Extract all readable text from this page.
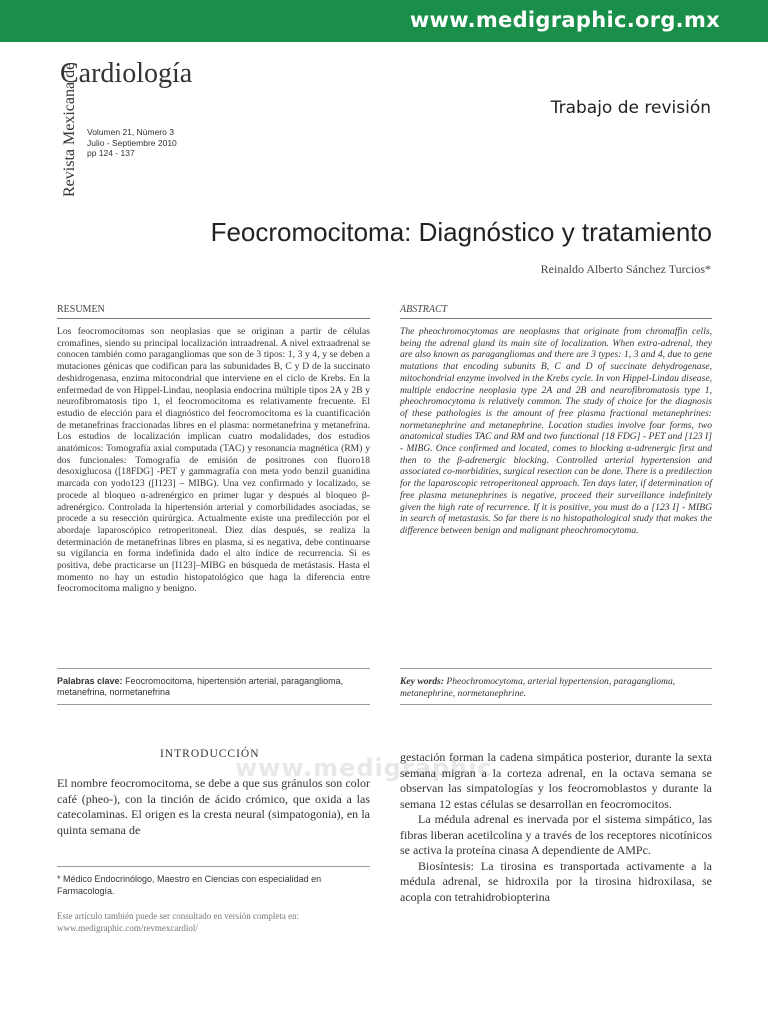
www.medigraphic.org.mx
Revista Mexicana de
Cardiología
Volumen 21, Número 3
Julio - Septiembre 2010
pp 124 - 137
Trabajo de revisión
Feocromocitoma: Diagnóstico y tratamiento
Reinaldo Alberto Sánchez Turcios*
RESUMEN	ABSTRACT
Los feocromocitomas son neoplasias que se originan a partir de células cromafines, siendo su principal localización intraadrenal. A nivel extraadrenal se conocen también como paragangliomas que son de 3 tipos: 1, 3 y 4, y se deben a mutaciones génicas que codifican para las subunidades B, C y D de la succinato deshidrogenasa, enzima mitocondrial que interviene en el ciclo de Krebs. En la enfermedad de von Hippel-Lindau, neoplasia endocrina múltiple tipos 2A y 2B y neurofibromatosis tipo 1, el feocromocitoma es relativamente frecuente. El estudio de elección para el diagnóstico del feocromocitoma es la cuantificación de metanefrinas fraccionadas libres en el plasma: normetanefrina y metanefrina. Los estudios de localización implican cuatro modalidades, dos estudios anatómicos: Tomografía axial computada (TAC) y resonancia magnética (RM) y dos funcionales: Tomografía de emisión de positrones con fluoro18 desoxiglucosa ([18FDG] -PET y gammagrafía con meta yodo benzil guanidina marcada con yodo123 ([I123] – MIBG). Una vez confirmado y localizado, se procede al bloqueo α-adrenérgico en primer lugar y después al bloqueo β-adrenérgico. Controlada la hipertensión arterial y comorbilidades asociadas, se procede a su resección quirúrgica. Actualmente existe una predilección por el abordaje laparoscópico retroperitoneal. Diez días después, se realiza la determinación de metanefrinas libres en plasma, si es negativa, debe continuarse su vigilancia en forma indefinida dado el alto índice de recurrencia. Si es positiva, debe practicarse un [I123]–MIBG en búsqueda de metástasis. Hasta el momento no hay un estudio histopatológico que haga la diferencia entre feocromocitoma maligno y benigno.
The pheochromocytomas are neoplasms that originate from chromaffin cells, being the adrenal gland its main site of localization. When extra-adrenal, they are also known as paragangliomas and there are 3 types: 1, 3 and 4, due to gene mutations that encoding subunits B, C and D of succinate dehydrogenase, mitochondrial enzyme involved in the Krebs cycle. In von Hippel-Lindau disease, multiple endocrine neoplasia type 2A and 2B and neurofibromatosis type 1, pheochromocytoma is relatively common. The study of choice for the diagnosis of these pathologies is the amount of free plasma fractional metanephrines: normetanephrine and metanephrine. Location studies involve four forms, two anatomical studies TAC and RM and two functional [18 FDG] - PET and [123 I] - MIBG. Once confirmed and located, comes to blocking α-adrenergic first and then to the β-adrenergic blocking. Controlled arterial hypertension and associated co-morbidities, surgical resection can be done. There is a predilection for the laparoscopic retroperitoneal approach. Ten days later, if determination of free plasma metanephrines is negative, proceed their surveillance indefinitely given the high rate of recurrence. If it is positive, you must do a [123 I] - MIBG in search of metastasis. So far there is no histopathological study that makes the difference between benign and malignant pheochromocytoma.
Palabras clave: Feocromocitoma, hipertensión arterial, paraganglioma, metanefrina, normetanefrina
Key words: Pheochromocytoma, arterial hypertension, paraganglioma, metanephrine, normetanephrine.
www.medigraphic
INTRODUCCIÓN

El nombre feocromocitoma, se debe a que sus gránulos son color café (pheo-), con la tinción de ácido crómico, que oxida a las catecolaminas. El origen es la cresta neural (simpatogonia), en la quinta semana de

gestación forman la cadena simpática posterior, durante la sexta semana migran a la corteza adrenal, en la octava semana se observan las simpatologías y los feocromoblastos y durante la semana 12 estas células se desarrollan en feocromocitos.

La médula adrenal es inervada por el sistema simpático, las fibras liberan acetilcolina y a través de los receptores nicotínicos se activa la proteína cinasa A dependiente de AMPc.

Biosíntesis: La tirosina es transportada activamente a la médula adrenal, se hidroxila por la tirosina hidroxilasa, se acopla con tetrahidrobiopterina

* Médico Endocrinólogo, Maestro en Ciencias con especialidad en Farmacología.
Este artículo también puede ser consultado en versión completa en: www.medigraphic.com/revmexcardiol/
